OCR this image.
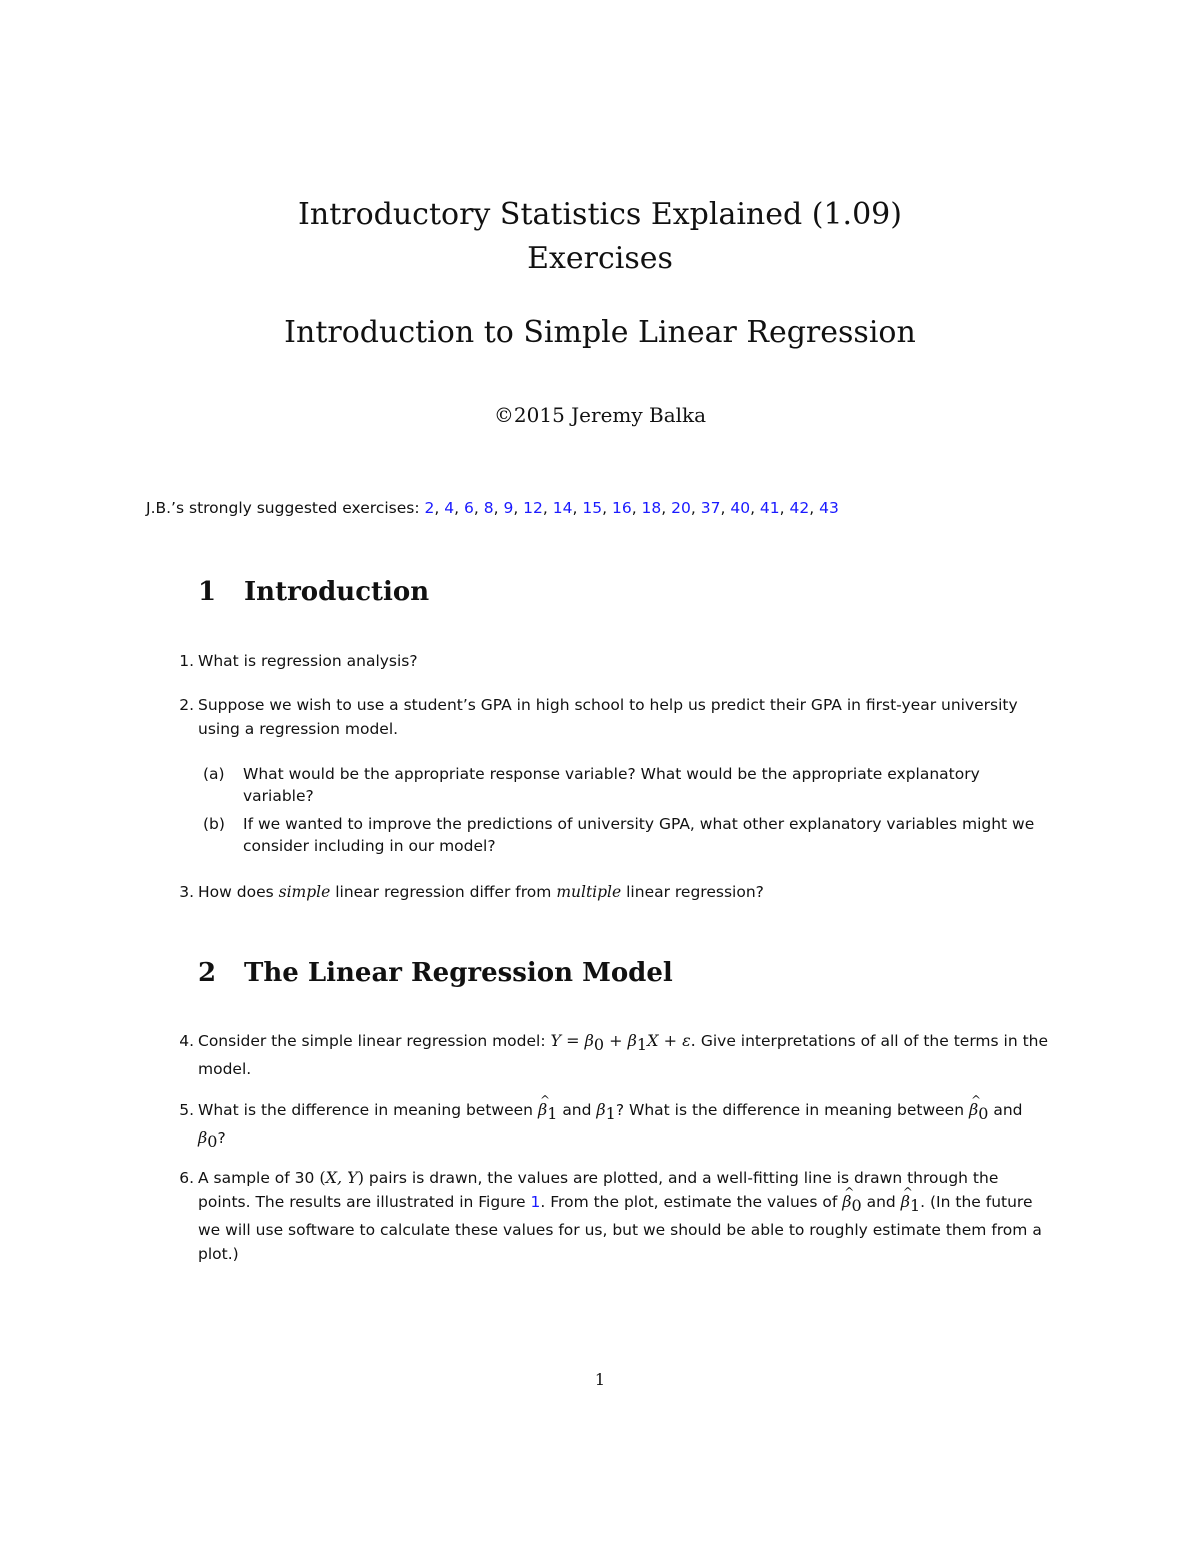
Introductory Statistics Explained (1.09)
Exercises
Introduction to Simple Linear Regression
©2015 Jeremy Balka
J.B.’s strongly suggested exercises: 2, 4, 6, 8, 9, 12, 14, 15, 16, 18, 20, 37, 40, 41, 42, 43
1 Introduction
1. What is regression analysis?
2. Suppose we wish to use a student’s GPA in high school to help us predict their GPA in first-year university using a regression model.
(a)	What would be the appropriate response variable? What would be the appropriate explanatory variable?
(b)	If we wanted to improve the predictions of university GPA, what other explanatory variables might we consider including in our model?
3. How does simple linear regression differ from multiple linear regression?
2 The Linear Regression Model
4. Consider the simple linear regression model: $Y = \beta_0 + \beta_1X + \varepsilon$. Give interpretations of all of the terms in the model.
5. What is the difference in meaning between ^ $\beta_1$ and $\beta_1$? What is the difference in meaning between ^ $\beta_0$ and $\beta_0$?
6. A sample of 30 (X, Y) pairs is drawn, the values are plotted, and a well-fitting line is drawn through the points. The results are illustrated in Figure 1. From the plot, estimate the values of ^ $\beta_0$ and ^ $\beta_1$. (In the future we will use software to calculate these values for us, but we should be able to roughly estimate them from a plot.)
1
